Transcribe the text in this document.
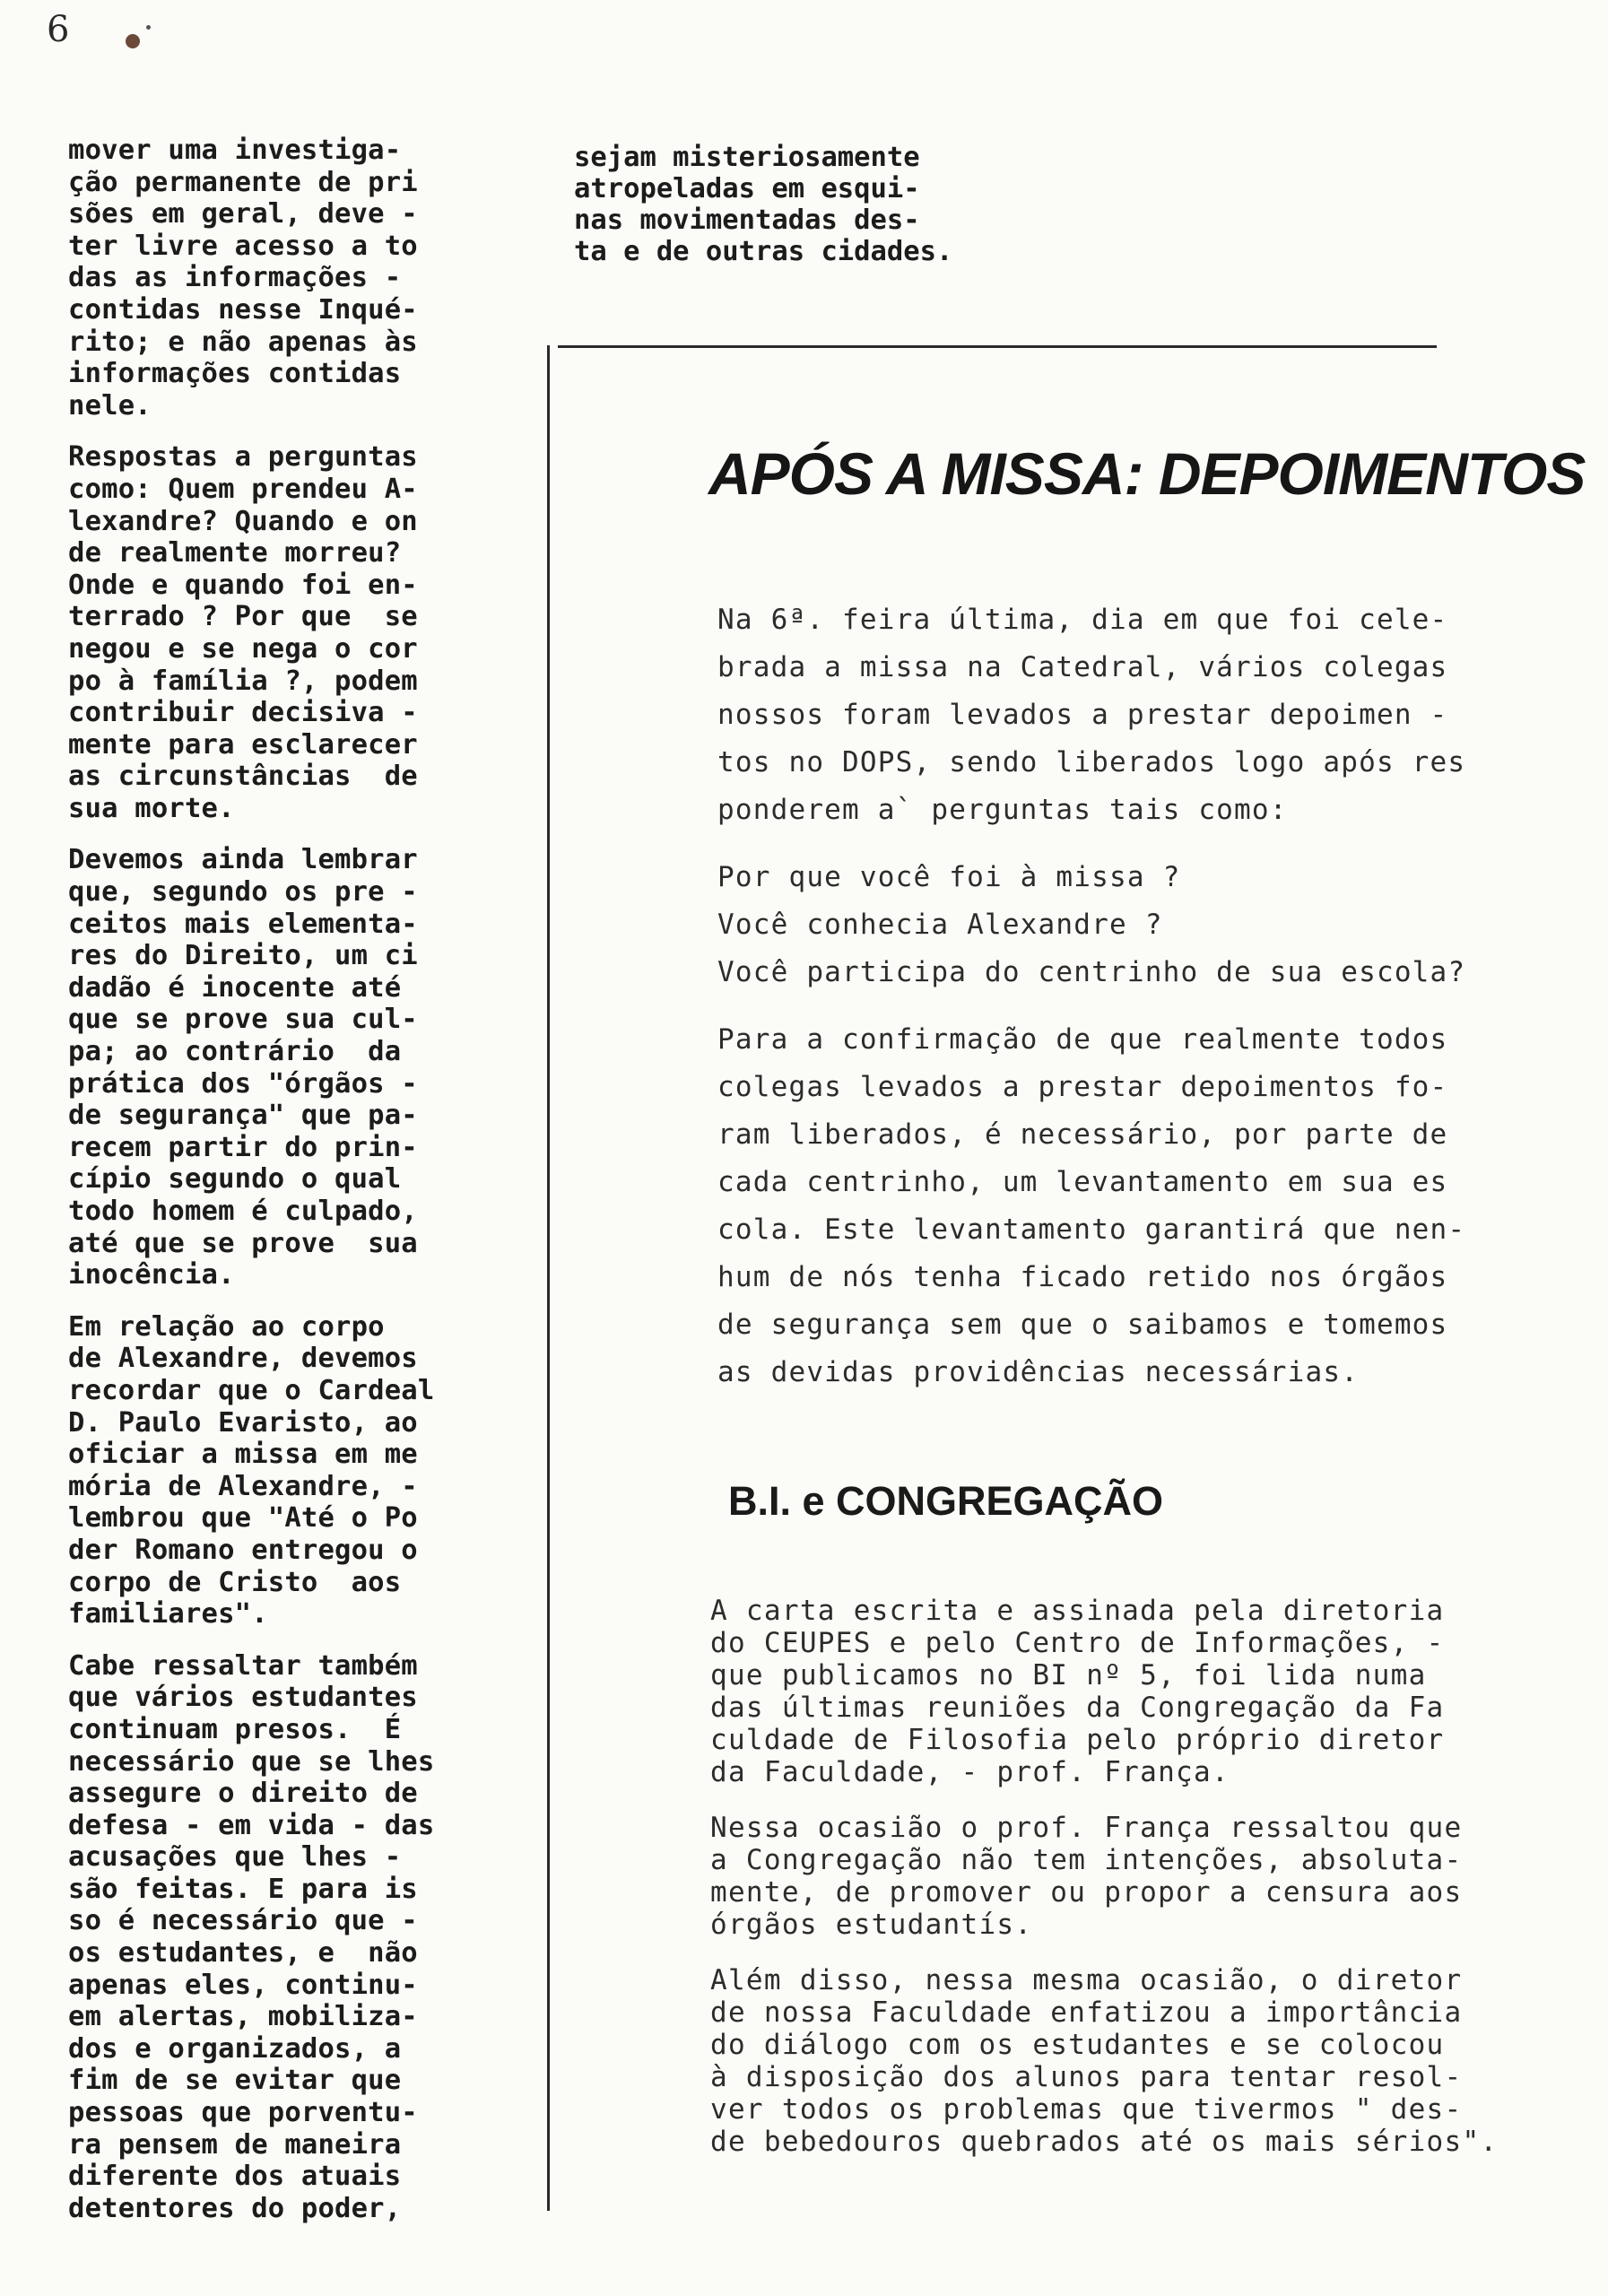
6

mover uma investiga-
ção permanente de pri
sões em geral, deve -
ter livre acesso a to
das as informações -
contidas nesse Inqué-
rito; e não apenas às
informações contidas
nele.

Respostas a perguntas
como: Quem prendeu A-
lexandre? Quando e on
de realmente morreu?
Onde e quando foi en-
terrado ? Por que  se
negou e se nega o cor
po à família ?, podem
contribuir decisiva -
mente para esclarecer
as circunstâncias  de
sua morte.

Devemos ainda lembrar
que, segundo os pre -
ceitos mais elementa-
res do Direito, um ci
dadão é inocente até
que se prove sua cul-
pa; ao contrário  da
prática dos "órgãos -
de segurança" que pa-
recem partir do prin-
cípio segundo o qual
todo homem é culpado,
até que se prove  sua
inocência.

Em relação ao corpo
de Alexandre, devemos
recordar que o Cardeal
D. Paulo Evaristo, ao
oficiar a missa em me
mória de Alexandre, -
lembrou que "Até o Po
der Romano entregou o
corpo de Cristo  aos
familiares".

Cabe ressaltar também
que vários estudantes
continuam presos.  É
necessário que se lhes
assegure o direito de
defesa - em vida - das
acusações que lhes -
são feitas. E para is
so é necessário que -
os estudantes, e  não
apenas eles, continu-
em alertas, mobiliza-
dos e organizados, a
fim de se evitar que
pessoas que porventu-
ra pensem de maneira
diferente dos atuais
detentores do poder,

sejam misteriosamente
atropeladas em esqui-
nas movimentadas des-
ta e de outras cidades.

APÓS A MISSA: DEPOIMENTOS

Na 6ª. feira última, dia em que foi cele-
brada a missa na Catedral, vários colegas
nossos foram levados a prestar depoimen -
tos no DOPS, sendo liberados logo após res
ponderem a` perguntas tais como:

Por que você foi à missa ?
Você conhecia Alexandre ?
Você participa do centrinho de sua escola?

Para a confirmação de que realmente todos
colegas levados a prestar depoimentos fo-
ram liberados, é necessário, por parte de
cada centrinho, um levantamento em sua es
cola. Este levantamento garantirá que nen-
hum de nós tenha ficado retido nos órgãos
de segurança sem que o saibamos e tomemos
as devidas providências necessárias.

B.I. e CONGREGAÇÃO

A carta escrita e assinada pela diretoria
do CEUPES e pelo Centro de Informações, -
que publicamos no BI nº 5, foi lida numa
das últimas reuniões da Congregação da Fa
culdade de Filosofia pelo próprio diretor
da Faculdade, - prof. França.

Nessa ocasião o prof. França ressaltou que
a Congregação não tem intenções, absoluta-
mente, de promover ou propor a censura aos
órgãos estudantís.

Além disso, nessa mesma ocasião, o diretor
de nossa Faculdade enfatizou a importância
do diálogo com os estudantes e se colocou
à disposição dos alunos para tentar resol-
ver todos os problemas que tivermos " des-
de bebedouros quebrados até os mais sérios".
